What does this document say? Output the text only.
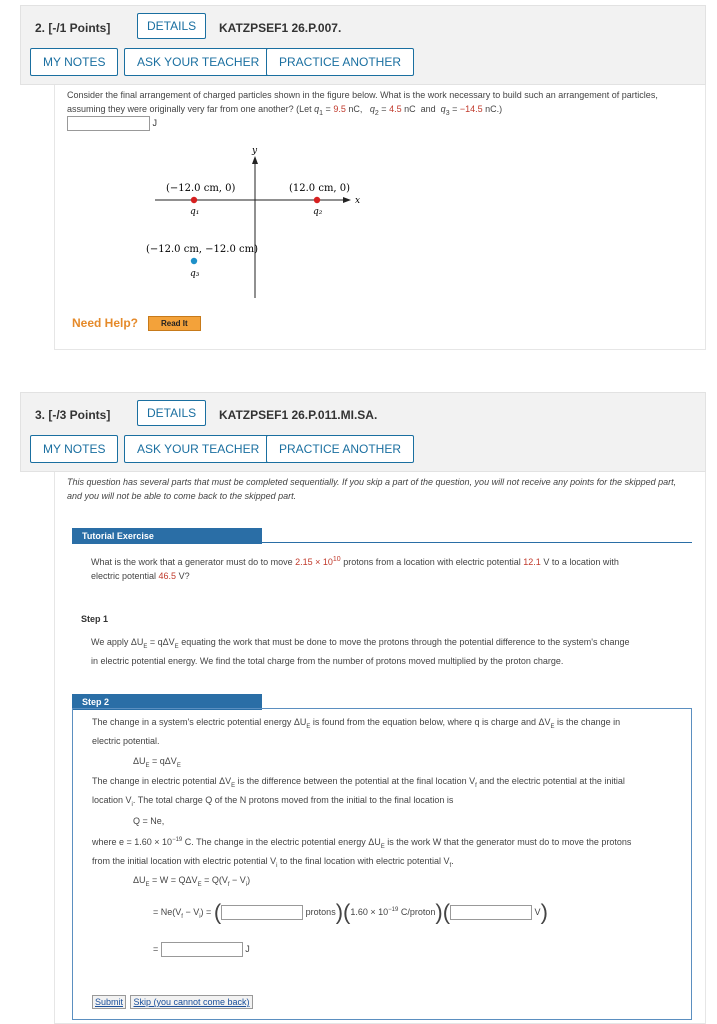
2. [-/1 Points]	DETAILS	KATZPSEF1 26.P.007.
MY NOTES	ASK YOUR TEACHER	PRACTICE ANOTHER
Consider the final arrangement of charged particles shown in the figure below. What is the work necessary to build such an arrangement of particles,
assuming they were originally very far from one another? (Let $q_1 = 9.5$ nC,   $q_2 = 4.5$ nC and $q_3 = -14.5$ nC.)
J
y
x
(−12.0 cm, 0)
q₁
(12.0 cm, 0)
q₂
(−12.0 cm, −12.0 cm)
q₃
Need Help?	Read It
3. [-/3 Points]	DETAILS	KATZPSEF1 26.P.011.MI.SA.
MY NOTES	ASK YOUR TEACHER	PRACTICE ANOTHER
This question has several parts that must be completed sequentially. If you skip a part of the question, you will not receive any points for the skipped part,
and you will not be able to come back to the skipped part.
Tutorial Exercise
What is the work that a generator must do to move $2.15 \times 10^{10}$ protons from a location with electric potential 12.1 V to a location with
electric potential 46.5 V?
Step 1
We apply $\Delta U_E = q\Delta V_E$ equating the work that must be done to move the protons through the potential difference to the system's change
in electric potential energy. We find the total charge from the number of protons moved multiplied by the proton charge.
Step 2
The change in a system's electric potential energy $\Delta U_E$ is found from the equation below, where q is charge and $\Delta V_E$ is the change in
electric potential.
$\Delta U_E = q\Delta V_E$
The change in electric potential $\Delta V_E$ is the difference between the potential at the final location $V_f$ and the electric potential at the initial
location $V_i$. The total charge Q of the N protons moved from the initial to the final location is
Q = Ne,
where $e = 1.60 \times 10^{-19}$ C. The change in the electric potential energy $\Delta U_E$ is the work W that the generator must do to move the protons
from the initial location with electric potential $V_i$ to the final location with electric potential $V_f$.
$\Delta U_E = W = Q\Delta V_E = Q(V_f - V_i)$
= $Ne(V_f - V_i)$ = (	protons)(1.60 × $10^{-19}$ C/proton)(	V)
=	J
Submit Skip (you cannot come back)
